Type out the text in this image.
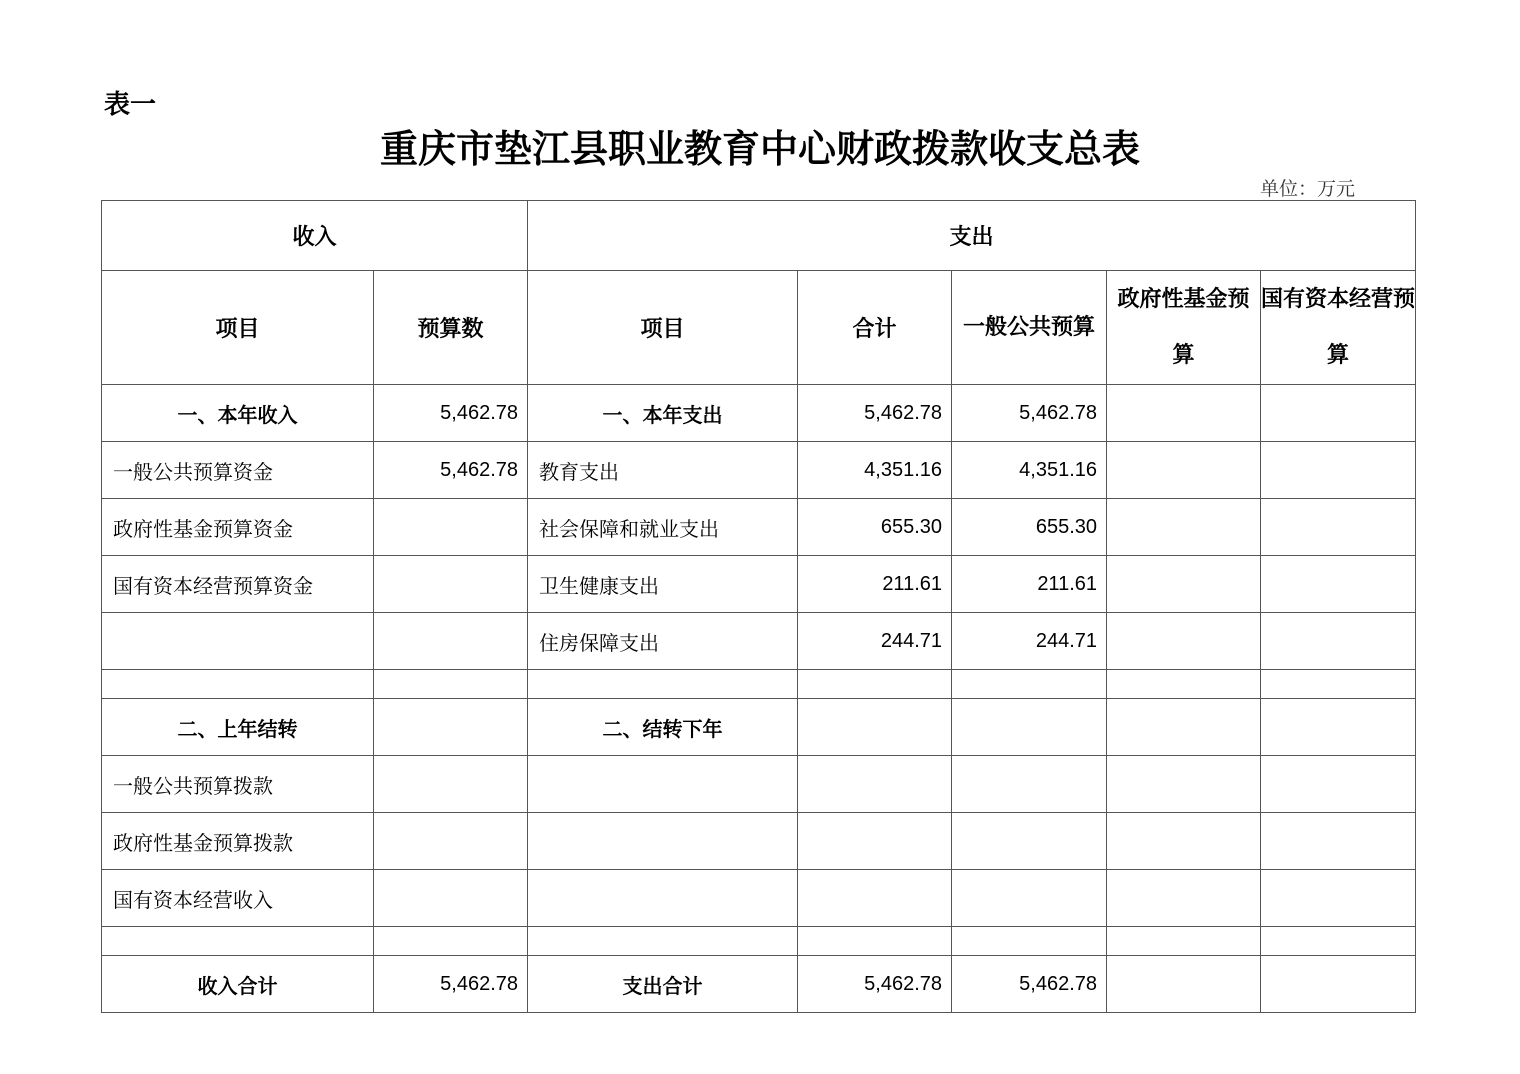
表一
重庆市垫江县职业教育中心财政拨款收支总表
单位：万元
收入		支出				
项目	预算数	项目	合计	一般公共预算	政府性基金预算	国有资本经营预算
一、本年收入	5,462.78	一、本年支出	5,462.78	5,462.78		
一般公共预算资金	5,462.78	教育支出	4,351.16	4,351.16		
政府性基金预算资金		社会保障和就业支出	655.30	655.30		
国有资本经营预算资金		卫生健康支出	211.61	211.61		
		住房保障支出	244.71	244.71		

二、上年结转		二、结转下年				
一般公共预算拨款						
政府性基金预算拨款						
国有资本经营收入						

收入合计	5,462.78	支出合计	5,462.78	5,462.78		
